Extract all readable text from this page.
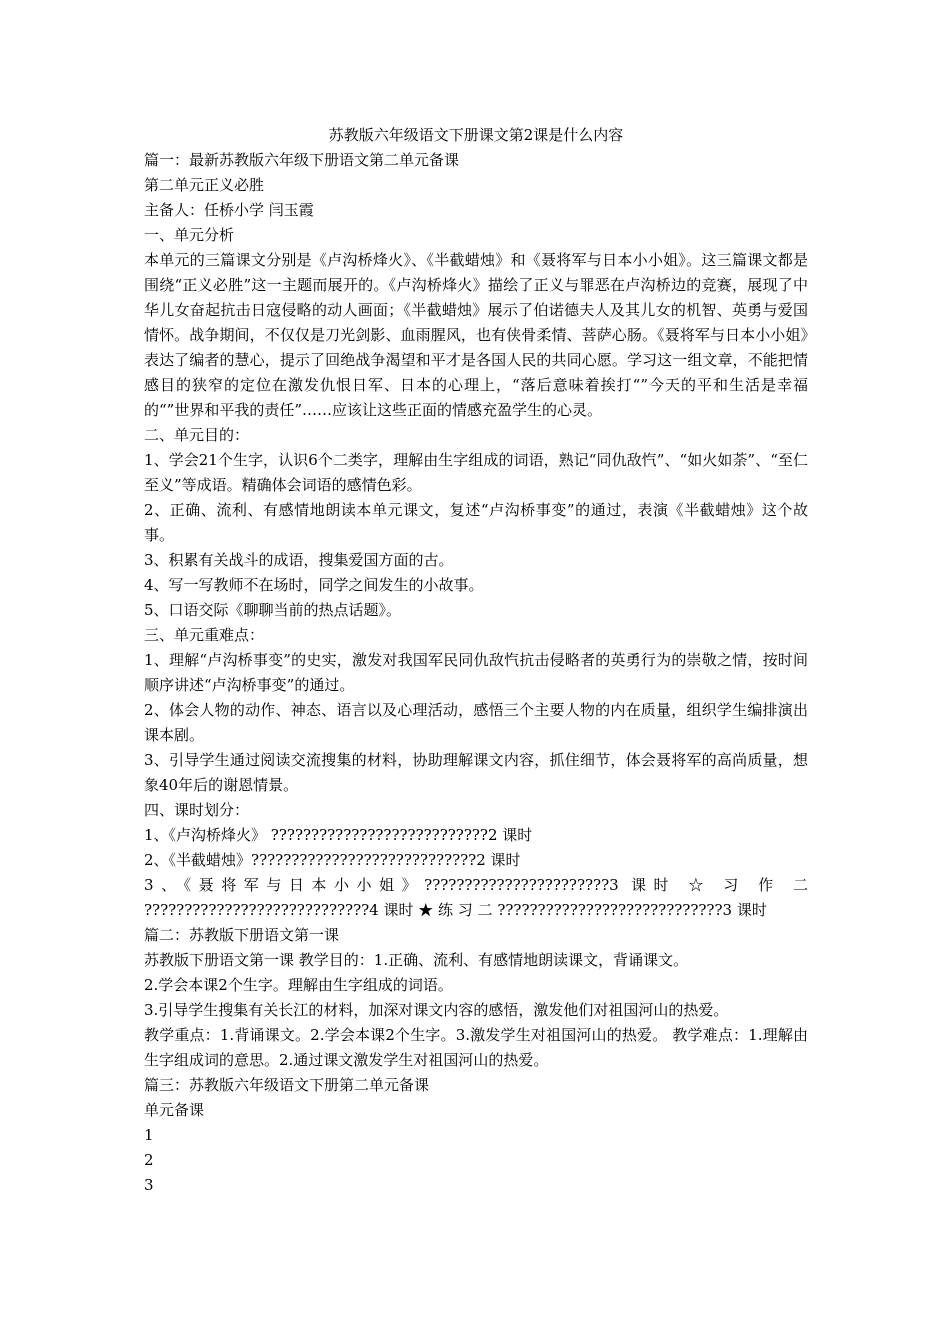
苏教版六年级语文下册课文第2课是什么内容

篇一：最新苏教版六年级下册语文第二单元备课

第二单元正义必胜

主备人：任桥小学 闫玉霞

一、单元分析

本单元的三篇课文分别是《卢沟桥烽火》、《半截蜡烛》和《聂将军与日本小小姐》。这三篇课文都是围绕“正义必胜”这一主题而展开的。《卢沟桥烽火》描绘了正义与罪恶在卢沟桥边的竞赛，展现了中华儿女奋起抗击日寇侵略的动人画面；《半截蜡烛》展示了伯诺德夫人及其儿女的机智、英勇与爱国情怀。战争期间，不仅仅是刀光剑影、血雨腥风，也有侠骨柔情、菩萨心肠。《聂将军与日本小小姐》表达了编者的慧心，提示了回绝战争渴望和平才是各国人民的共同心愿。学习这一组文章，不能把情感目的狭窄的定位在激发仇恨日军、日本的心理上，“落后意味着挨打“”今天的平和生活是幸福的“”世界和平我的责任”……应该让这些正面的情感充盈学生的心灵。

二、单元目的：

1、学会21个生字，认识6个二类字，理解由生字组成的词语，熟记“同仇敌忾”、“如火如荼”、“至仁至义”等成语。精确体会词语的感情色彩。

2、正确、流利、有感情地朗读本单元课文，复述“卢沟桥事变”的通过，表演《半截蜡烛》这个故事。

3、积累有关战斗的成语，搜集爱国方面的古。

4、写一写教师不在场时，同学之间发生的小故事。

5、口语交际《聊聊当前的热点话题》。

三、单元重难点：

1、理解“卢沟桥事变”的史实，激发对我国军民同仇敌忾抗击侵略者的英勇行为的崇敬之情，按时间顺序讲述“卢沟桥事变”的通过。

2、体会人物的动作、神态、语言以及心理活动，感悟三个主要人物的内在质量，组织学生编排演出课本剧。

3、引导学生通过阅读交流搜集的材料，协助理解课文内容，抓住细节，体会聂将军的高尚质量，想象40年后的谢恩情景。

四、课时划分：

1、《卢沟桥烽火》 ???????????????????????????2 课时

2、《半截蜡烛》????????????????????????????2 课时

3、《聂将军与日本小小姐》???????????????????????3 课时 ☆ 习 作 二 ????????????????????????????4 课时 ★ 练 习 二 ????????????????????????????3 课时

篇二：苏教版下册语文第一课

苏教版下册语文第一课 教学目的：1.正确、流利、有感情地朗读课文，背诵课文。

2.学会本课2个生字。理解由生字组成的词语。

3.引导学生搜集有关长江的材料，加深对课文内容的感悟，激发他们对祖国河山的热爱。

教学重点：1.背诵课文。2.学会本课2个生字。3.激发学生对祖国河山的热爱。 教学难点：1.理解由生字组成词的意思。2.通过课文激发学生对祖国河山的热爱。

篇三：苏教版六年级语文下册第二单元备课

单元备课

1

2

3
